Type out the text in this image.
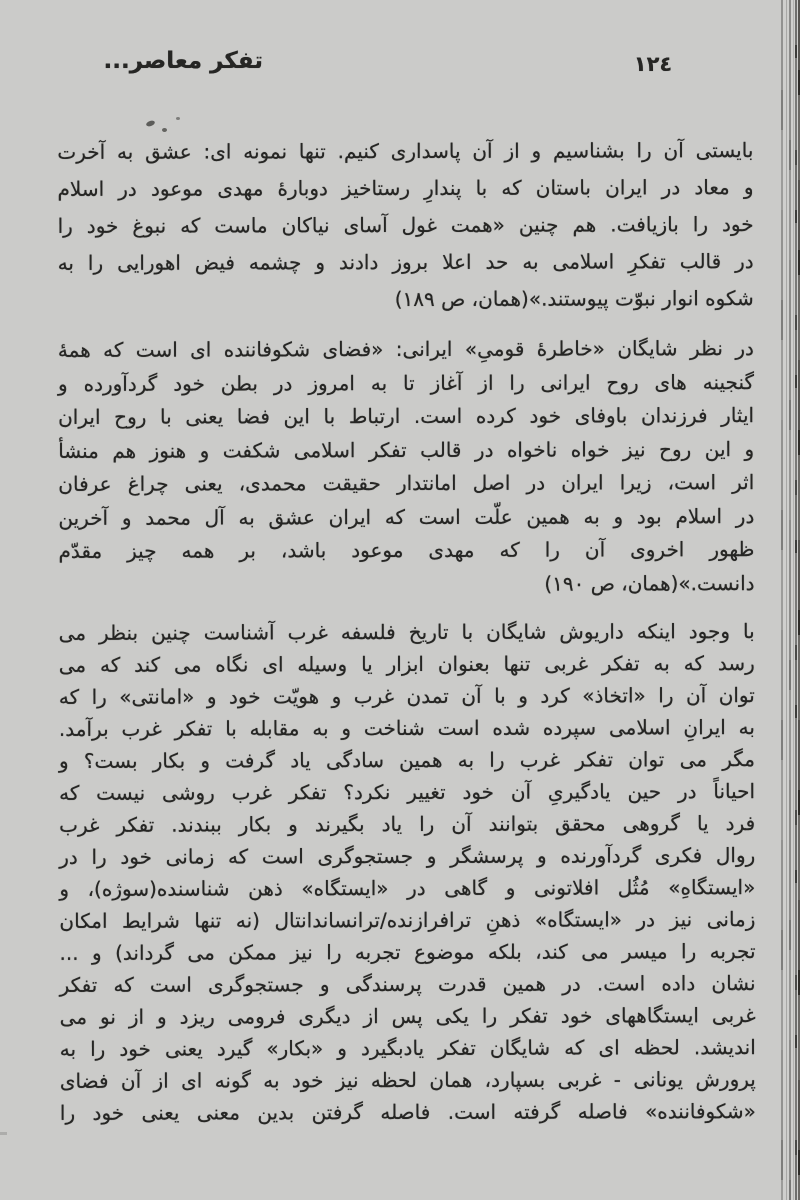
تفکر معاصر...	١٢٤
بایستی آن را بشناسیم و از آن پاسداری کنیم. تنها نمونه ای: عشق به آخرت
و معاد در ایران باستان که با پندارِ رستاخیز دوبارهٔ مهدی موعود در اسلام
خود را بازیافت. هم چنین «همت غول آسای نیاکان ماست که نبوغ خود را
در قالب تفکرِ اسلامی به حد اعلا بروز دادند و چشمه فیض اهورایی را به
شکوه انوار نبوّت پیوستند.»(همان، ص ١٨٩)
در نظر شایگان «خاطرهٔ قومیِ» ایرانی: «فضای شکوفاننده ای است که همهٔ
گنجینه های روح ایرانی را از آغاز تا به امروز در بطن خود گردآورده و
ایثار فرزندان باوفای خود کرده است. ارتباط با این فضا یعنی با روح ایران
و این روح نیز خواه ناخواه در قالب تفکر اسلامی شکفت و هنوز هم منشأ
اثر است، زیرا ایران در اصل امانتدار حقیقت محمدی، یعنی چراغ عرفان
در اسلام بود و به همین علّت است که ایران عشق به آل محمد و آخرین
ظهور اخروی آن را که مهدی موعود باشد، بر همه چیز مقدّم
دانست.»(همان، ص ١٩٠)
با وجود اینکه داریوش شایگان با تاریخ فلسفه غرب آشناست چنین بنظر می
رسد که به تفکر غربی تنها بعنوان ابزار یا وسیله ای نگاه می کند که می
توان آن را «اتخاذ» کرد و با آن تمدن غرب و هویّت خود و «امانتی» را که
به ایرانِ اسلامی سپرده شده است شناخت و به مقابله با تفکر غرب برآمد.
مگر می توان تفکر غرب را به همین سادگی یاد گرفت و بکار بست؟ و
احیاناً در حین یادگیریِ آن خود تغییر نکرد؟ تفکر غرب روشی نیست که
فرد یا گروهی محقق بتوانند آن را یاد بگیرند و بکار ببندند. تفکر غرب
روال فکری گردآورنده و پرسشگر و جستجوگری است که زمانی خود را در
«ایستگاهِ» مُثُل افلاتونی و گاهی در «ایستگاه» ذهن شناسنده(سوژه)، و
زمانی نیز در «ایستگاه» ذهنِ ترافرازنده/ترانساندانتال (نه تنها شرایط امکان
تجربه را میسر می کند، بلکه موضوع تجربه را نیز ممکن می گرداند) و ...
نشان داده است. در همین قدرت پرسندگی و جستجوگری است که تفکر
غربی ایستگاههای خود تفکر را یکی پس از دیگری فرومی ریزد و از نو می
اندیشد. لحظه ای که شایگان تفکر یادبگیرد و «بکار» گیرد یعنی خود را به
پرورش یونانی - غربی بسپارد، همان لحظه نیز خود به گونه ای از آن فضای
«شکوفاننده» فاصله گرفته است. فاصله گرفتن بدین معنی یعنی خود را
